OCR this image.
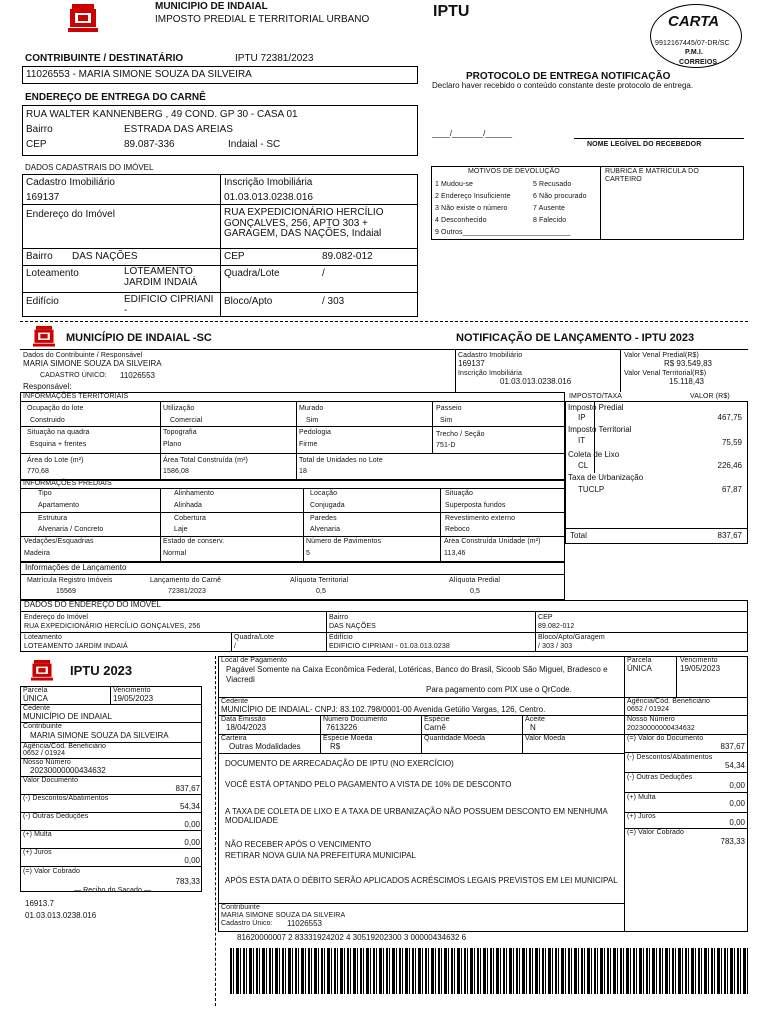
MUNICIPIO DE INDAIAL
IMPOSTO PREDIAL E TERRITORIAL URBANO	IPTU
CARTA
9912167445/07-DR/SC
P.M.I.
CORREIOS
CONTRIBUINTE / DESTINATÁRIO	IPTU 72381/2023
11026553 - MARIA SIMONE SOUZA DA SILVEIRA
ENDEREÇO DE ENTREGA DO CARNÊ
RUA WALTER KANNENBERG , 49 COND. GP 30 - CASA 01
Bairro	ESTRADA DAS AREIAS
CEP	89.087-336	Indaial - SC
PROTOCOLO DE ENTREGA NOTIFICAÇÃO
Declaro haver recebido o conteúdo constante deste protocolo de entrega.
____/_______/______
NOME LEGÍVEL DO RECEBEDOR
MOTIVOS DE DEVOLUÇÃO	RUBRICA E MATRÍCULA DO CARTEIRO
1 Mudou-se
2 Endereço Insuficiente
3 Não existe o número
4 Desconhecido
5 Recusado
6 Não procurado
7 Ausente
8 Falecido
9 Outros___________________________
DADOS CADASTRAIS DO IMÓVEL
Cadastro Imobiliário
169137
Inscrição Imobiliária
01.03.013.0238.016
Endereço do Imóvel	RUA EXPEDICIONÁRIO HERCÍLIO GONÇALVES, 256, APTO 303 + GARAGEM, DAS NAÇÕES, Indaial
Bairro DAS NAÇÕES	CEP	89.082-012
Loteamento	LOTEAMENTO JARDIM INDAIÁ
Quadra/Lote	/
Edifício	EDIFICIO CIPRIANI -
Bloco/Apto	/ 303
MUNICÍPIO DE INDAIAL -SC	NOTIFICAÇÃO DE LANÇAMENTO - IPTU 2023
Dados do Contribuinte / Responsável
MARIA SIMONE SOUZA DA SILVEIRA
CADASTRO ÚNICO: 11026553
Responsável:
Cadastro Imobiliário
169137
Inscrição Imobiliária
01.03.013.0238.016
Valor Venal Predial(R$)
R$ 93.549,83
Valor Venal Territorial(R$)
15.118,43
INFORMAÇÕES TERRITORIAIS
Ocupação do lote
Construido
Utilização
Comercial
Murado
Sim
Passeio
Sim
Situação na quadra
Esquina + frentes
Topografia
Plano
Pedologia
Firme
Trecho / Seção
751-D
Área do Lote (m²)
770,68
Área Total Construída (m²)
1586,08
Total de Unidades no Lote
18
INFORMAÇÕES PREDIAIS
Tipo
Apartamento
Alinhamento
Alinhada
Locação
Conjugada
Situação
Superposta fundos
Estrutura
Alvenaria / Concreto
Cobertura
Laje
Paredes
Alvenaria
Revestimento externo
Reboco
Vedações/Esquadrias
Madeira
Estado de conserv.
Normal
Número de Pavimentos
5
Área Construída Unidade (m²)
113,46
IMPOSTO/TAXA	VALOR (R$)
Imposto Predial
IP	467,75
Imposto Territorial
IT	75,59
Coleta de Lixo
CL	226,46
Taxa de Urbanização
TUCLP	67,87
Total	837,67
Informações de Lançamento
Matrícula Registro Imóveis
15569
Lançamento do Carnê
72381/2023
Alíquota Territorial
0,5
Alíquota Predial
0,5
DADOS DO ENDEREÇO DO IMÓVEL
Endereço do Imóvel
RUA EXPEDICIONÁRIO HERCÍLIO GONÇALVES, 256
Bairro
DAS NAÇÕES
CEP
89.082-012
Loteamento
LOTEAMENTO JARDIM INDAIÁ
Quadra/Lote
/
Edifício
EDIFICIO CIPRIANI - 01.03.013.0238
Bloco/Apto/Garagem
/ 303 / 303
IPTU 2023
Parcela
ÚNICA
Vencimento
19/05/2023
Cedente
MUNICÍPIO DE INDAIAL
Contribuinte
MARIA SIMONE SOUZA DA SILVEIRA
Agência/Cód. Beneficiário
0652 / 01924
Nosso Número
20230000000434632
Valor Documento
837,67
(-) Descontos/Abatimentos
54,34
(-) Outras Deduções
0,00
(+) Multa
0,00
(+) Juros
0,00
(=) Valor Cobrado
783,33
— Recibo do Sacado —
16913.7
01.03.013.0238.016
Local de Pagamento
Pagável Somente na Caixa Econômica Federal, Lotéricas, Banco do Brasil, Sicoob São Miguel, Bradesco e Viacredi
Para pagamento com PIX use o QrCode.
Cedente
MUNICÍPIO DE INDAIAL- CNPJ: 83.102.798/0001-00 Avenida Getúlio Vargas, 126, Centro.
Data Emissão
18/04/2023
Número Documento
7613226
Espécie
Carnê
Aceite
N
Carteira
Outras Modalidades
Espécie Moeda
R$
Quantidade Moeda	Valor Moeda
DOCUMENTO DE ARRECADAÇÃO DE IPTU (NO EXERCÍCIO)
VOCÊ ESTÁ OPTANDO PELO PAGAMENTO A VISTA DE 10% DE DESCONTO
A TAXA DE COLETA DE LIXO E A TAXA DE URBANIZAÇÃO NÃO POSSUEM DESCONTO EM NENHUMA MODALIDADE
NÃO RECEBER APÓS O VENCIMENTO
RETIRAR NOVA GUIA NA PREFEITURA MUNICIPAL
APÓS ESTA DATA O DÉBITO SERÃO APLICADOS ACRÉSCIMOS LEGAIS PREVISTOS EM LEI MUNICIPAL
Contribuinte
MARIA SIMONE SOUZA DA SILVEIRA
Cadastro Único: 11026553
Parcela
ÚNICA
Vencimento
19/05/2023
Agência/Cód. Beneficiário
0652 / 01924
Nosso Número
20230000000434632
(=) Valor do Documento
837,67
(-) Descontos/Abatimentos
54,34
(-) Outras Deduções
0,00
(+) Multa
0,00
(+) Juros
0,00
(=) Valor Cobrado
783,33
81620000007 2 83331924202 4 30519202300 3 00000434632 6
